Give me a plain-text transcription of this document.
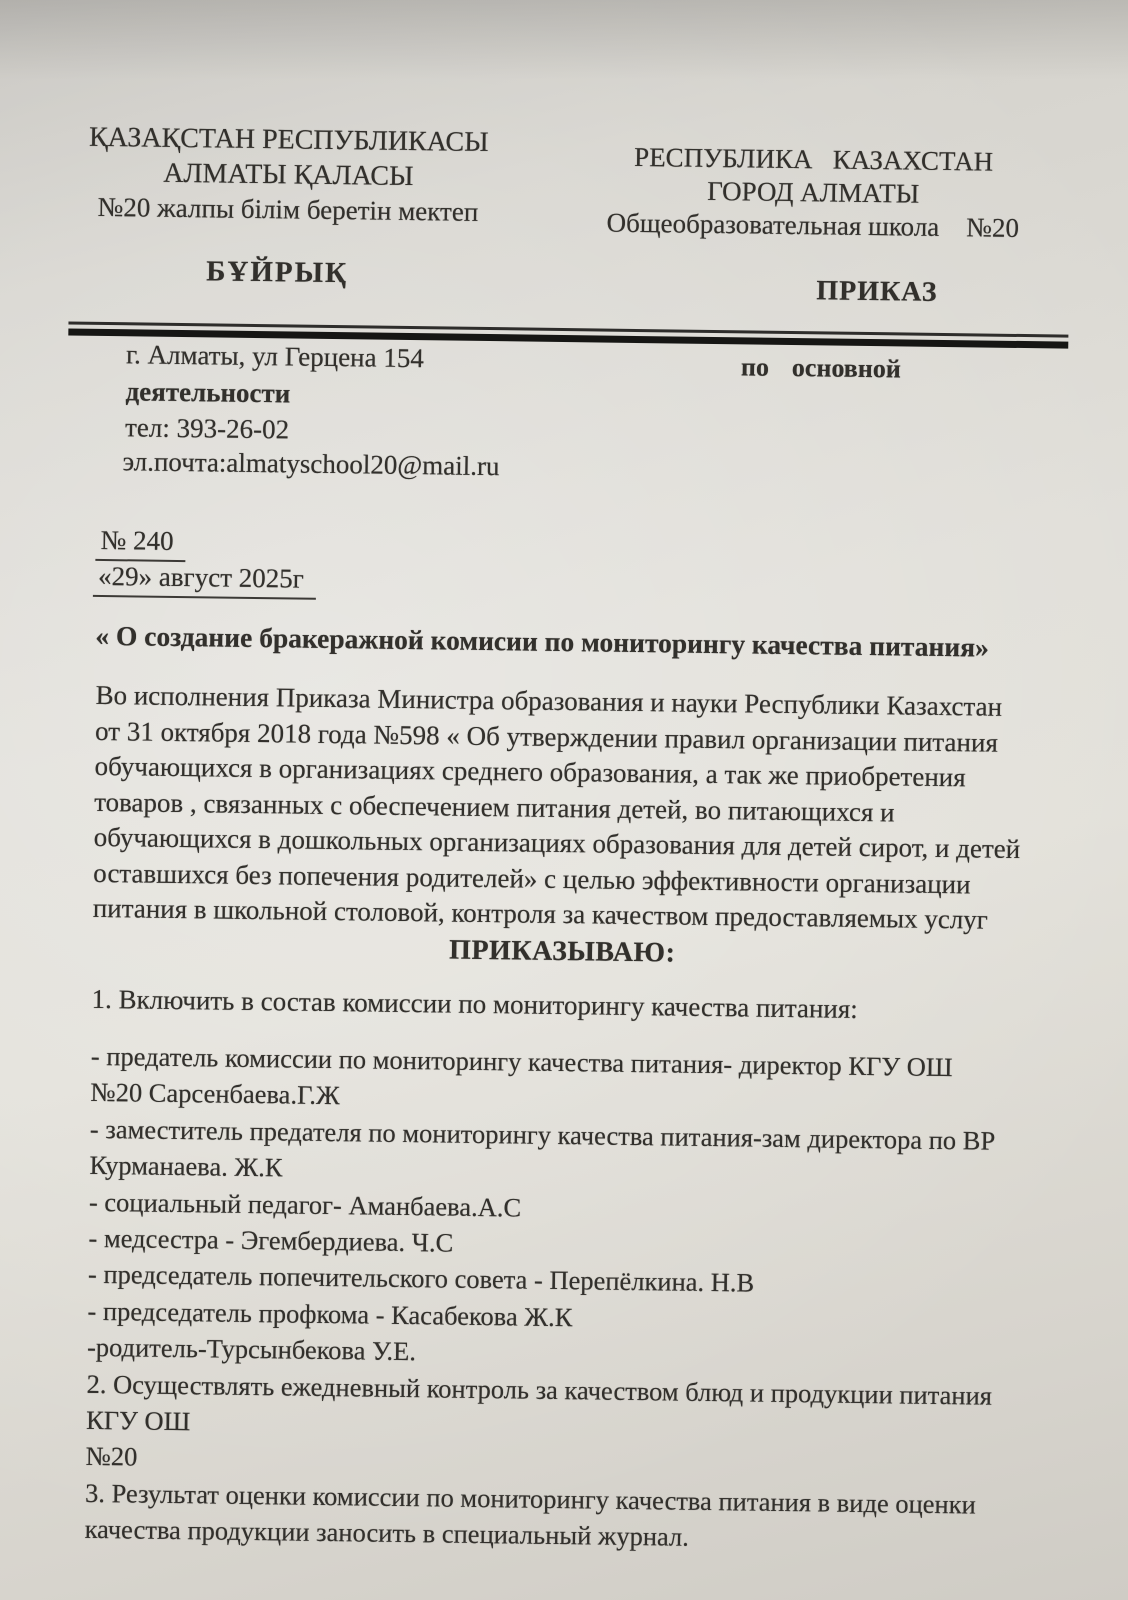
ҚАЗАҚСТАН РЕСПУБЛИКАСЫ
АЛМАТЫ ҚАЛАСЫ
№20 жалпы білім беретін мектеп
РЕСПУБЛИКА   КАЗАХСТАН
ГОРОД АЛМАТЫ
Общеобразовательная школа    №20
БҰЙРЫҚ
ПРИКАЗ
г. Алматы, ул Герцена 154	по  основной
деятельности
тел: 393-26-02
эл.почта:almatyschool20@mail.ru
№ 240
«29» август 2025г
« О создание бракеражной комисии по мониторингу качества питания»
Во исполнения Приказа Министра образования и науки Республики Казахстан
от 31 октября 2018 года №598 « Об утверждении правил организации питания
обучающихся в организациях среднего образования, а так же приобретения
товаров , связанных с обеспечением питания детей, во питающихся и
обучающихся в дошкольных организациях образования для детей сирот, и детей
оставшихся без попечения родителей» с целью эффективности организации
питания в школьной столовой, контроля за качеством предоставляемых услуг
ПРИКАЗЫВАЮ:
1. Включить в состав комиссии по мониторингу качества питания:
- предатель комиссии по мониторингу качества питания- директор КГУ ОШ
№20 Сарсенбаева.Г.Ж
- заместитель предателя по мониторингу качества питания-зам директора по ВР
Курманаева. Ж.К
- социальный педагог- Аманбаева.А.С
- медсестра - Эгембердиева. Ч.С
- председатель попечительского совета - Перепёлкина. Н.В
- председатель профкома - Касабекова Ж.К
-родитель-Турсынбекова У.Е.
2. Осуществлять ежедневный контроль за качеством блюд и продукции питания
КГУ ОШ
№20
3. Результат оценки комиссии по мониторингу качества питания в виде оценки
качества продукции заносить в специальный журнал.
